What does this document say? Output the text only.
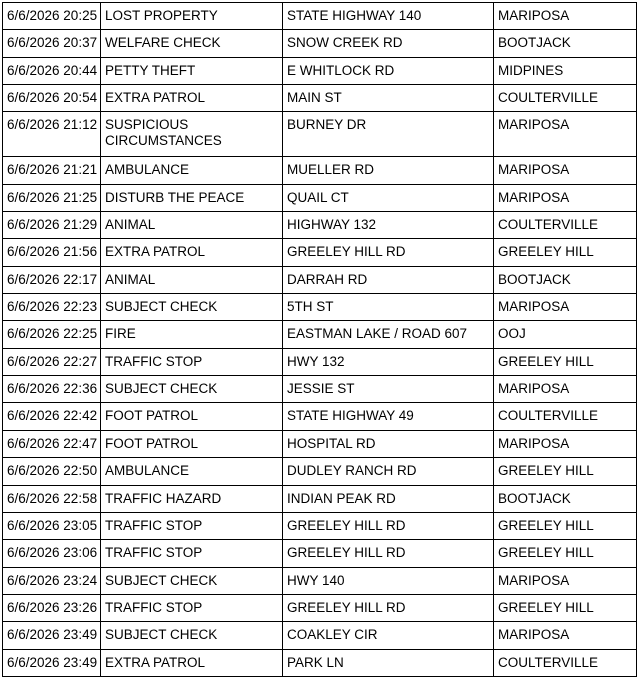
6/6/2026 20:25	LOST PROPERTY	STATE HIGHWAY 140	MARIPOSA
6/6/2026 20:37	WELFARE CHECK	SNOW CREEK RD	BOOTJACK
6/6/2026 20:44	PETTY THEFT	E WHITLOCK RD	MIDPINES
6/6/2026 20:54	EXTRA PATROL	MAIN ST	COULTERVILLE
6/6/2026 21:12	SUSPICIOUS CIRCUMSTANCES	BURNEY DR	MARIPOSA
6/6/2026 21:21	AMBULANCE	MUELLER RD	MARIPOSA
6/6/2026 21:25	DISTURB THE PEACE	QUAIL CT	MARIPOSA
6/6/2026 21:29	ANIMAL	HIGHWAY 132	COULTERVILLE
6/6/2026 21:56	EXTRA PATROL	GREELEY HILL RD	GREELEY HILL
6/6/2026 22:17	ANIMAL	DARRAH RD	BOOTJACK
6/6/2026 22:23	SUBJECT CHECK	5TH ST	MARIPOSA
6/6/2026 22:25	FIRE	EASTMAN LAKE / ROAD 607	OOJ
6/6/2026 22:27	TRAFFIC STOP	HWY 132	GREELEY HILL
6/6/2026 22:36	SUBJECT CHECK	JESSIE ST	MARIPOSA
6/6/2026 22:42	FOOT PATROL	STATE HIGHWAY 49	COULTERVILLE
6/6/2026 22:47	FOOT PATROL	HOSPITAL RD	MARIPOSA
6/6/2026 22:50	AMBULANCE	DUDLEY RANCH RD	GREELEY HILL
6/6/2026 22:58	TRAFFIC HAZARD	INDIAN PEAK RD	BOOTJACK
6/6/2026 23:05	TRAFFIC STOP	GREELEY HILL RD	GREELEY HILL
6/6/2026 23:06	TRAFFIC STOP	GREELEY HILL RD	GREELEY HILL
6/6/2026 23:24	SUBJECT CHECK	HWY 140	MARIPOSA
6/6/2026 23:26	TRAFFIC STOP	GREELEY HILL RD	GREELEY HILL
6/6/2026 23:49	SUBJECT CHECK	COAKLEY CIR	MARIPOSA
6/6/2026 23:49	EXTRA PATROL	PARK LN	COULTERVILLE
